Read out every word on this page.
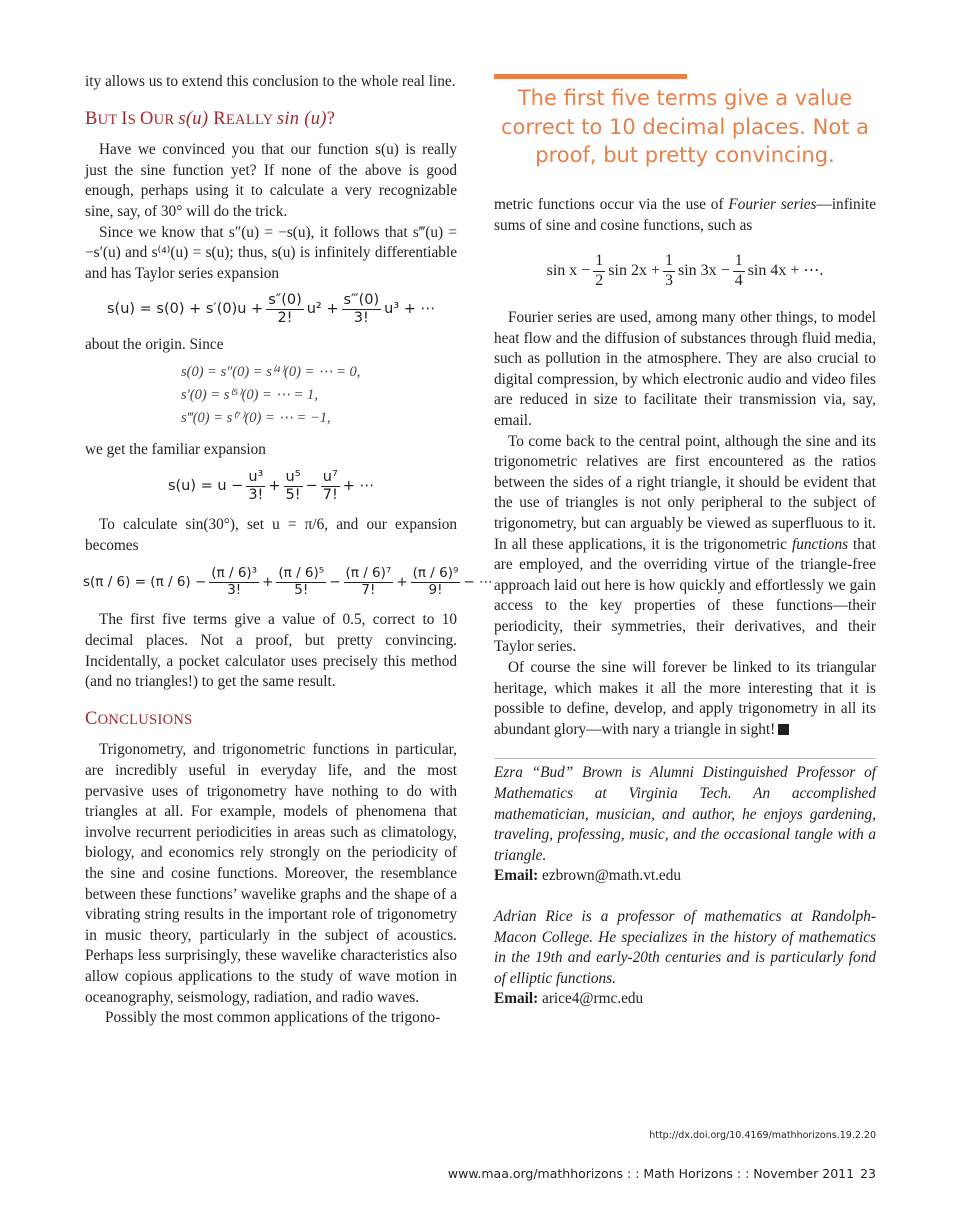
ity allows us to extend this conclusion to the whole real line.

BUT IS OUR s(u) REALLY sin (u)?

Have we convinced you that our function s(u) is really just the sine function yet? If none of the above is good enough, perhaps using it to calculate a very recognizable sine, say, of 30° will do the trick.

Since we know that s″(u) = −s(u), it follows that s‴(u) = −s′(u) and s⁽⁴⁾(u) = s(u); thus, s(u) is infinitely differentiable and has Taylor series expansion

$s(u) = s(0) + s'(0)u + \frac{s''(0)}{2!} u^2 + \frac{s‴(0)}{3!} u^3$ + ⋯

about the origin. Since

s(0) = s″(0) = s⁽⁴⁾(0) = ⋯ = 0,
s′(0) = s⁽⁵⁾(0) = ⋯ = 1,
s‴(0) = s⁽⁷⁾(0) = ⋯ = −1,

we get the familiar expansion

$s(u) = u - \frac{\text{u³}}{3!} + \frac{\text{u⁵}}{5!} - \frac{\text{u⁷}}{7!}$ + ⋯

To calculate sin(30°), set u = π/6, and our expansion becomes

$s(\pi / 6) = (\pi / 6) - \frac{\text{(π / 6)³}}{3!} + \frac{\text{(π / 6)⁵}}{5!} - \frac{\text{(π / 6)⁷}}{7!} + \frac{\text{(π / 6)⁹}}{9!}$ − ⋯

The first five terms give a value of 0.5, correct to 10 decimal places. Not a proof, but pretty convincing. Incidentally, a pocket calculator uses precisely this method (and no triangles!) to get the same result.

CONCLUSIONS

Trigonometry, and trigonometric functions in particular, are incredibly useful in everyday life, and the most pervasive uses of trigonometry have nothing to do with triangles at all. For example, models of phenomena that involve recurrent periodicities in areas such as climatology, biology, and economics rely strongly on the periodicity of the sine and cosine functions. Moreover, the resemblance between these functions’ wavelike graphs and the shape of a vibrating string results in the important role of trigonometry in music theory, particularly in the subject of acoustics. Perhaps less surprisingly, these wavelike characteristics also allow copious applications to the study of wave motion in oceanography, seismology, radiation, and radio waves.

Possibly the most common applications of the trigono-

The first five terms give a value correct to 10 decimal places. Not a proof, but pretty convincing.

metric functions occur via the use of Fourier series—infinite sums of sine and cosine functions, such as

$\sin x - \frac{1}{2}$ $\sin 2x + \frac{1}{3}$ $\sin 3x - \frac{1}{4}$ sin 4x + ⋯.

Fourier series are used, among many other things, to model heat flow and the diffusion of substances through fluid media, such as pollution in the atmosphere. They are also crucial to digital compression, by which electronic audio and video files are reduced in size to facilitate their transmission via, say, email.

To come back to the central point, although the sine and its trigonometric relatives are first encountered as the ratios between the sides of a right triangle, it should be evident that the use of triangles is not only peripheral to the subject of trigonometry, but can arguably be viewed as superfluous to it. In all these applications, it is the trigonometric functions that are employed, and the overriding virtue of the triangle-free approach laid out here is how quickly and effortlessly we gain access to the key properties of these functions—their periodicity, their symmetries, their derivatives, and their Taylor series.

Of course the sine will forever be linked to its triangular heritage, which makes it all the more interesting that it is possible to define, develop, and apply trigonometry in all its abundant glory—with nary a triangle in sight!

Ezra “Bud” Brown is Alumni Distinguished Professor of Mathematics at Virginia Tech. An accomplished mathematician, musician, and author, he enjoys gardening, traveling, professing, music, and the occasional tangle with a triangle.

Email: ezbrown@math.vt.edu

Adrian Rice is a professor of mathematics at Randolph-Macon College. He specializes in the history of mathematics in the 19th and early-20th centuries and is particularly fond of elliptic functions.

Email: arice4@rmc.edu

http://dx.doi.org/10.4169/mathhorizons.19.2.20
www.maa.org/mathhorizons : : Math Horizons : : November 2011 23
